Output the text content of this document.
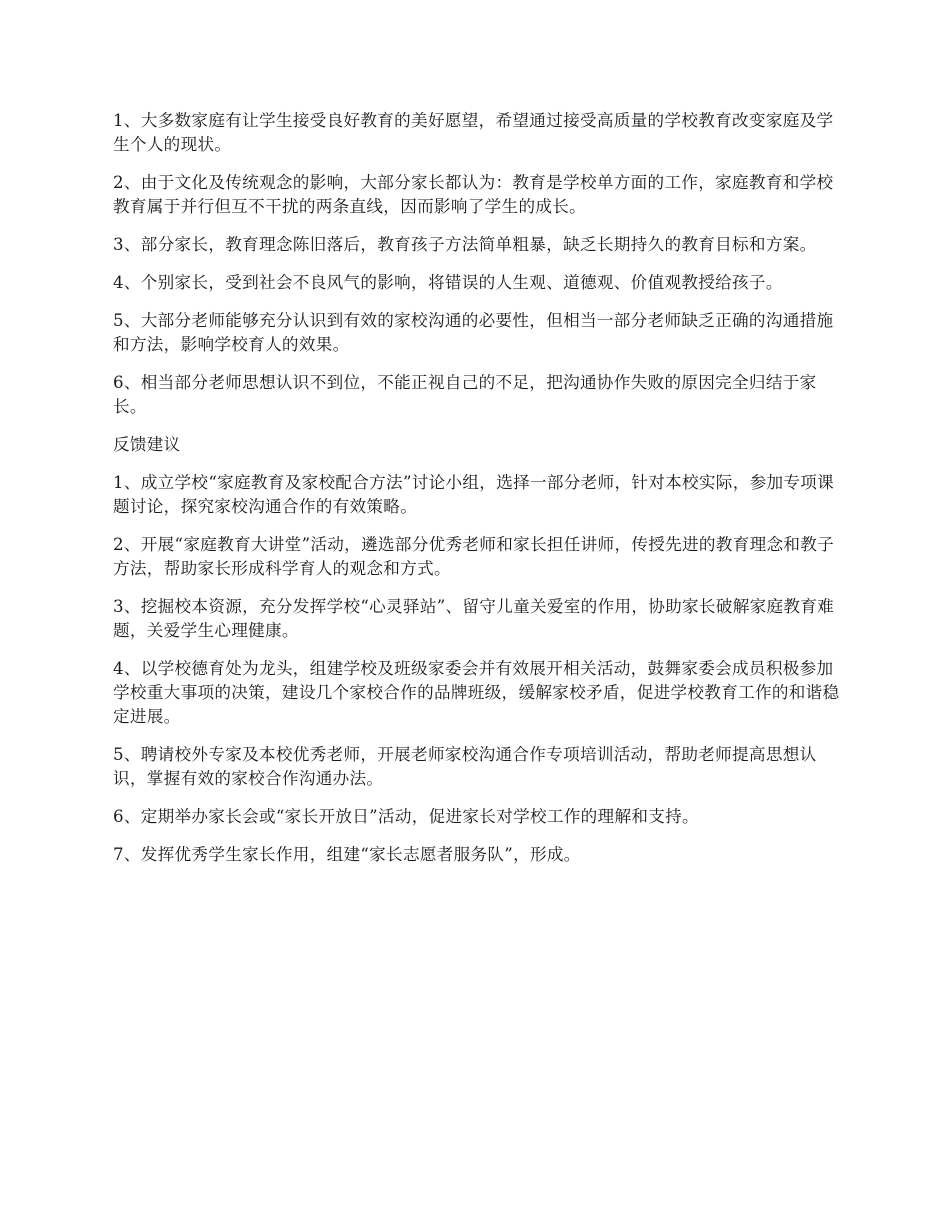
1、大多数家庭有让学生接受良好教育的美好愿望，希望通过接受高质量的学校教育改变家庭及学生个人的现状。

2、由于文化及传统观念的影响，大部分家长都认为：教育是学校单方面的工作，家庭教育和学校教育属于并行但互不干扰的两条直线，因而影响了学生的成长。

3、部分家长，教育理念陈旧落后，教育孩子方法简单粗暴，缺乏长期持久的教育目标和方案。

4、个别家长，受到社会不良风气的影响，将错误的人生观、道德观、价值观教授给孩子。

5、大部分老师能够充分认识到有效的家校沟通的必要性，但相当一部分老师缺乏正确的沟通措施和方法，影响学校育人的效果。

6、相当部分老师思想认识不到位，不能正视自己的不足，把沟通协作失败的原因完全归结于家长。

反馈建议

1、成立学校“家庭教育及家校配合方法”讨论小组，选择一部分老师，针对本校实际，参加专项课题讨论，探究家校沟通合作的有效策略。

2、开展“家庭教育大讲堂”活动，遴选部分优秀老师和家长担任讲师，传授先进的教育理念和教子方法，帮助家长形成科学育人的观念和方式。

3、挖掘校本资源，充分发挥学校“心灵驿站”、留守儿童关爱室的作用，协助家长破解家庭教育难题，关爱学生心理健康。

4、以学校德育处为龙头，组建学校及班级家委会并有效展开相关活动，鼓舞家委会成员积极参加学校重大事项的决策，建设几个家校合作的品牌班级，缓解家校矛盾，促进学校教育工作的和谐稳定进展。

5、聘请校外专家及本校优秀老师，开展老师家校沟通合作专项培训活动，帮助老师提高思想认识，掌握有效的家校合作沟通办法。

6、定期举办家长会或“家长开放日”活动，促进家长对学校工作的理解和支持。

7、发挥优秀学生家长作用，组建“家长志愿者服务队”，形成。
